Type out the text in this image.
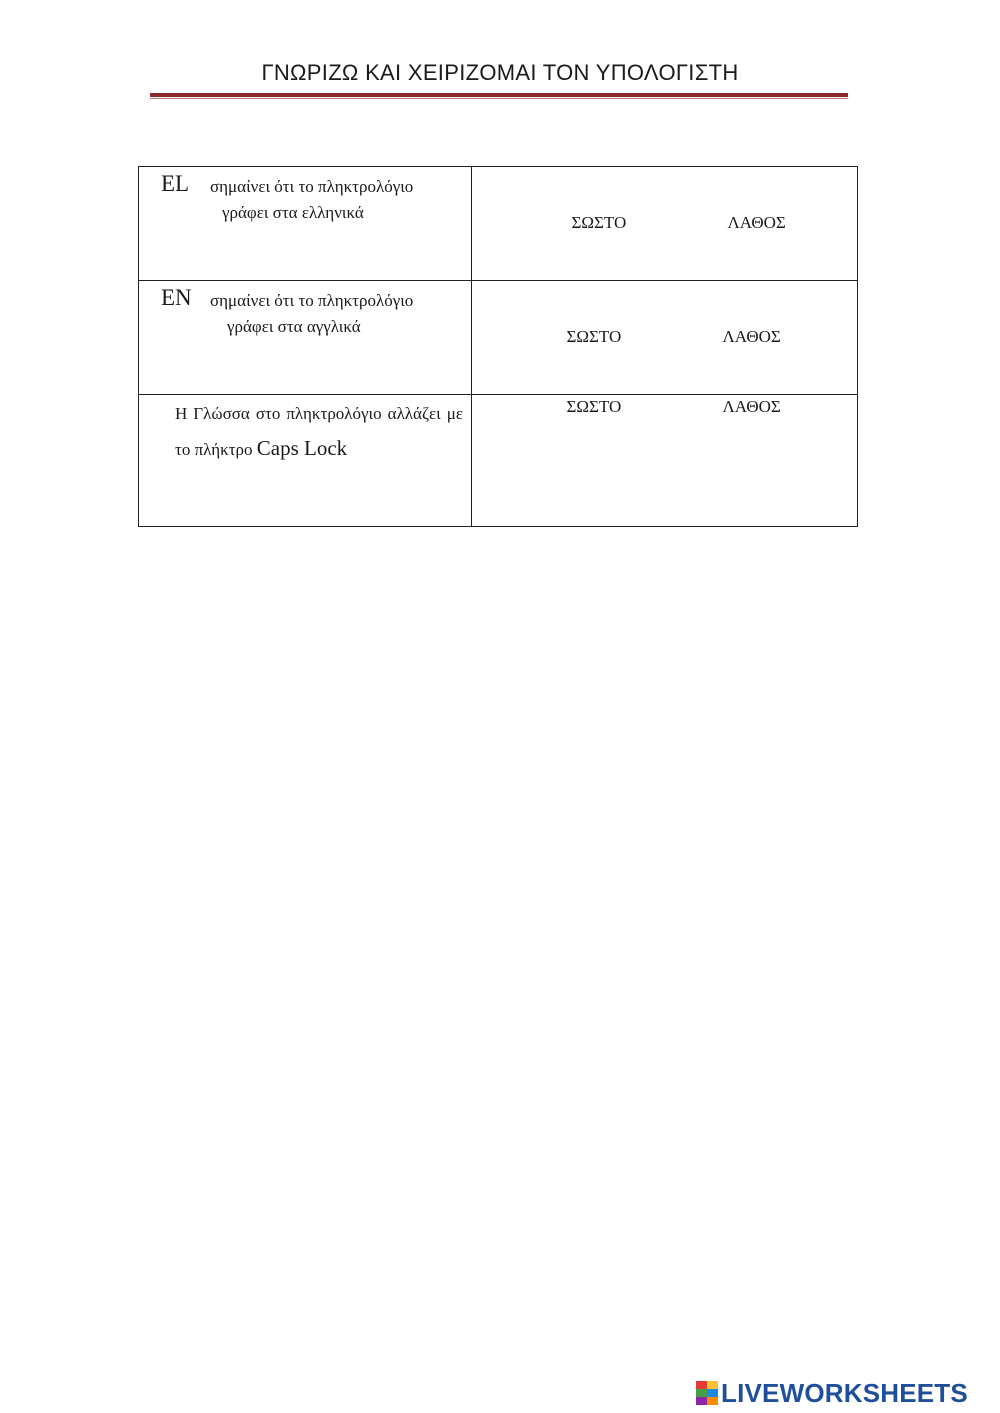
ΓΝΩΡΙΖΩ ΚΑΙ ΧΕΙΡΙΖΟΜΑΙ ΤΟΝ ΥΠΟΛΟΓΙΣΤΗ
EL σημαίνει ότι το πληκτρολόγιο
γράφει στα ελληνικά	ΣΩΣΤΟ ΛΑΘΟΣ

EN σημαίνει ότι το πληκτρολόγιο
γράφει στα αγγλικά	ΣΩΣΤΟ ΛΑΘΟΣ

Η Γλώσσα στο πληκτρολόγιο αλλάζει με το πλήκτρο Caps Lock	ΣΩΣΤΟ ΛΑΘΟΣ
LIVEWORKSHEETS
